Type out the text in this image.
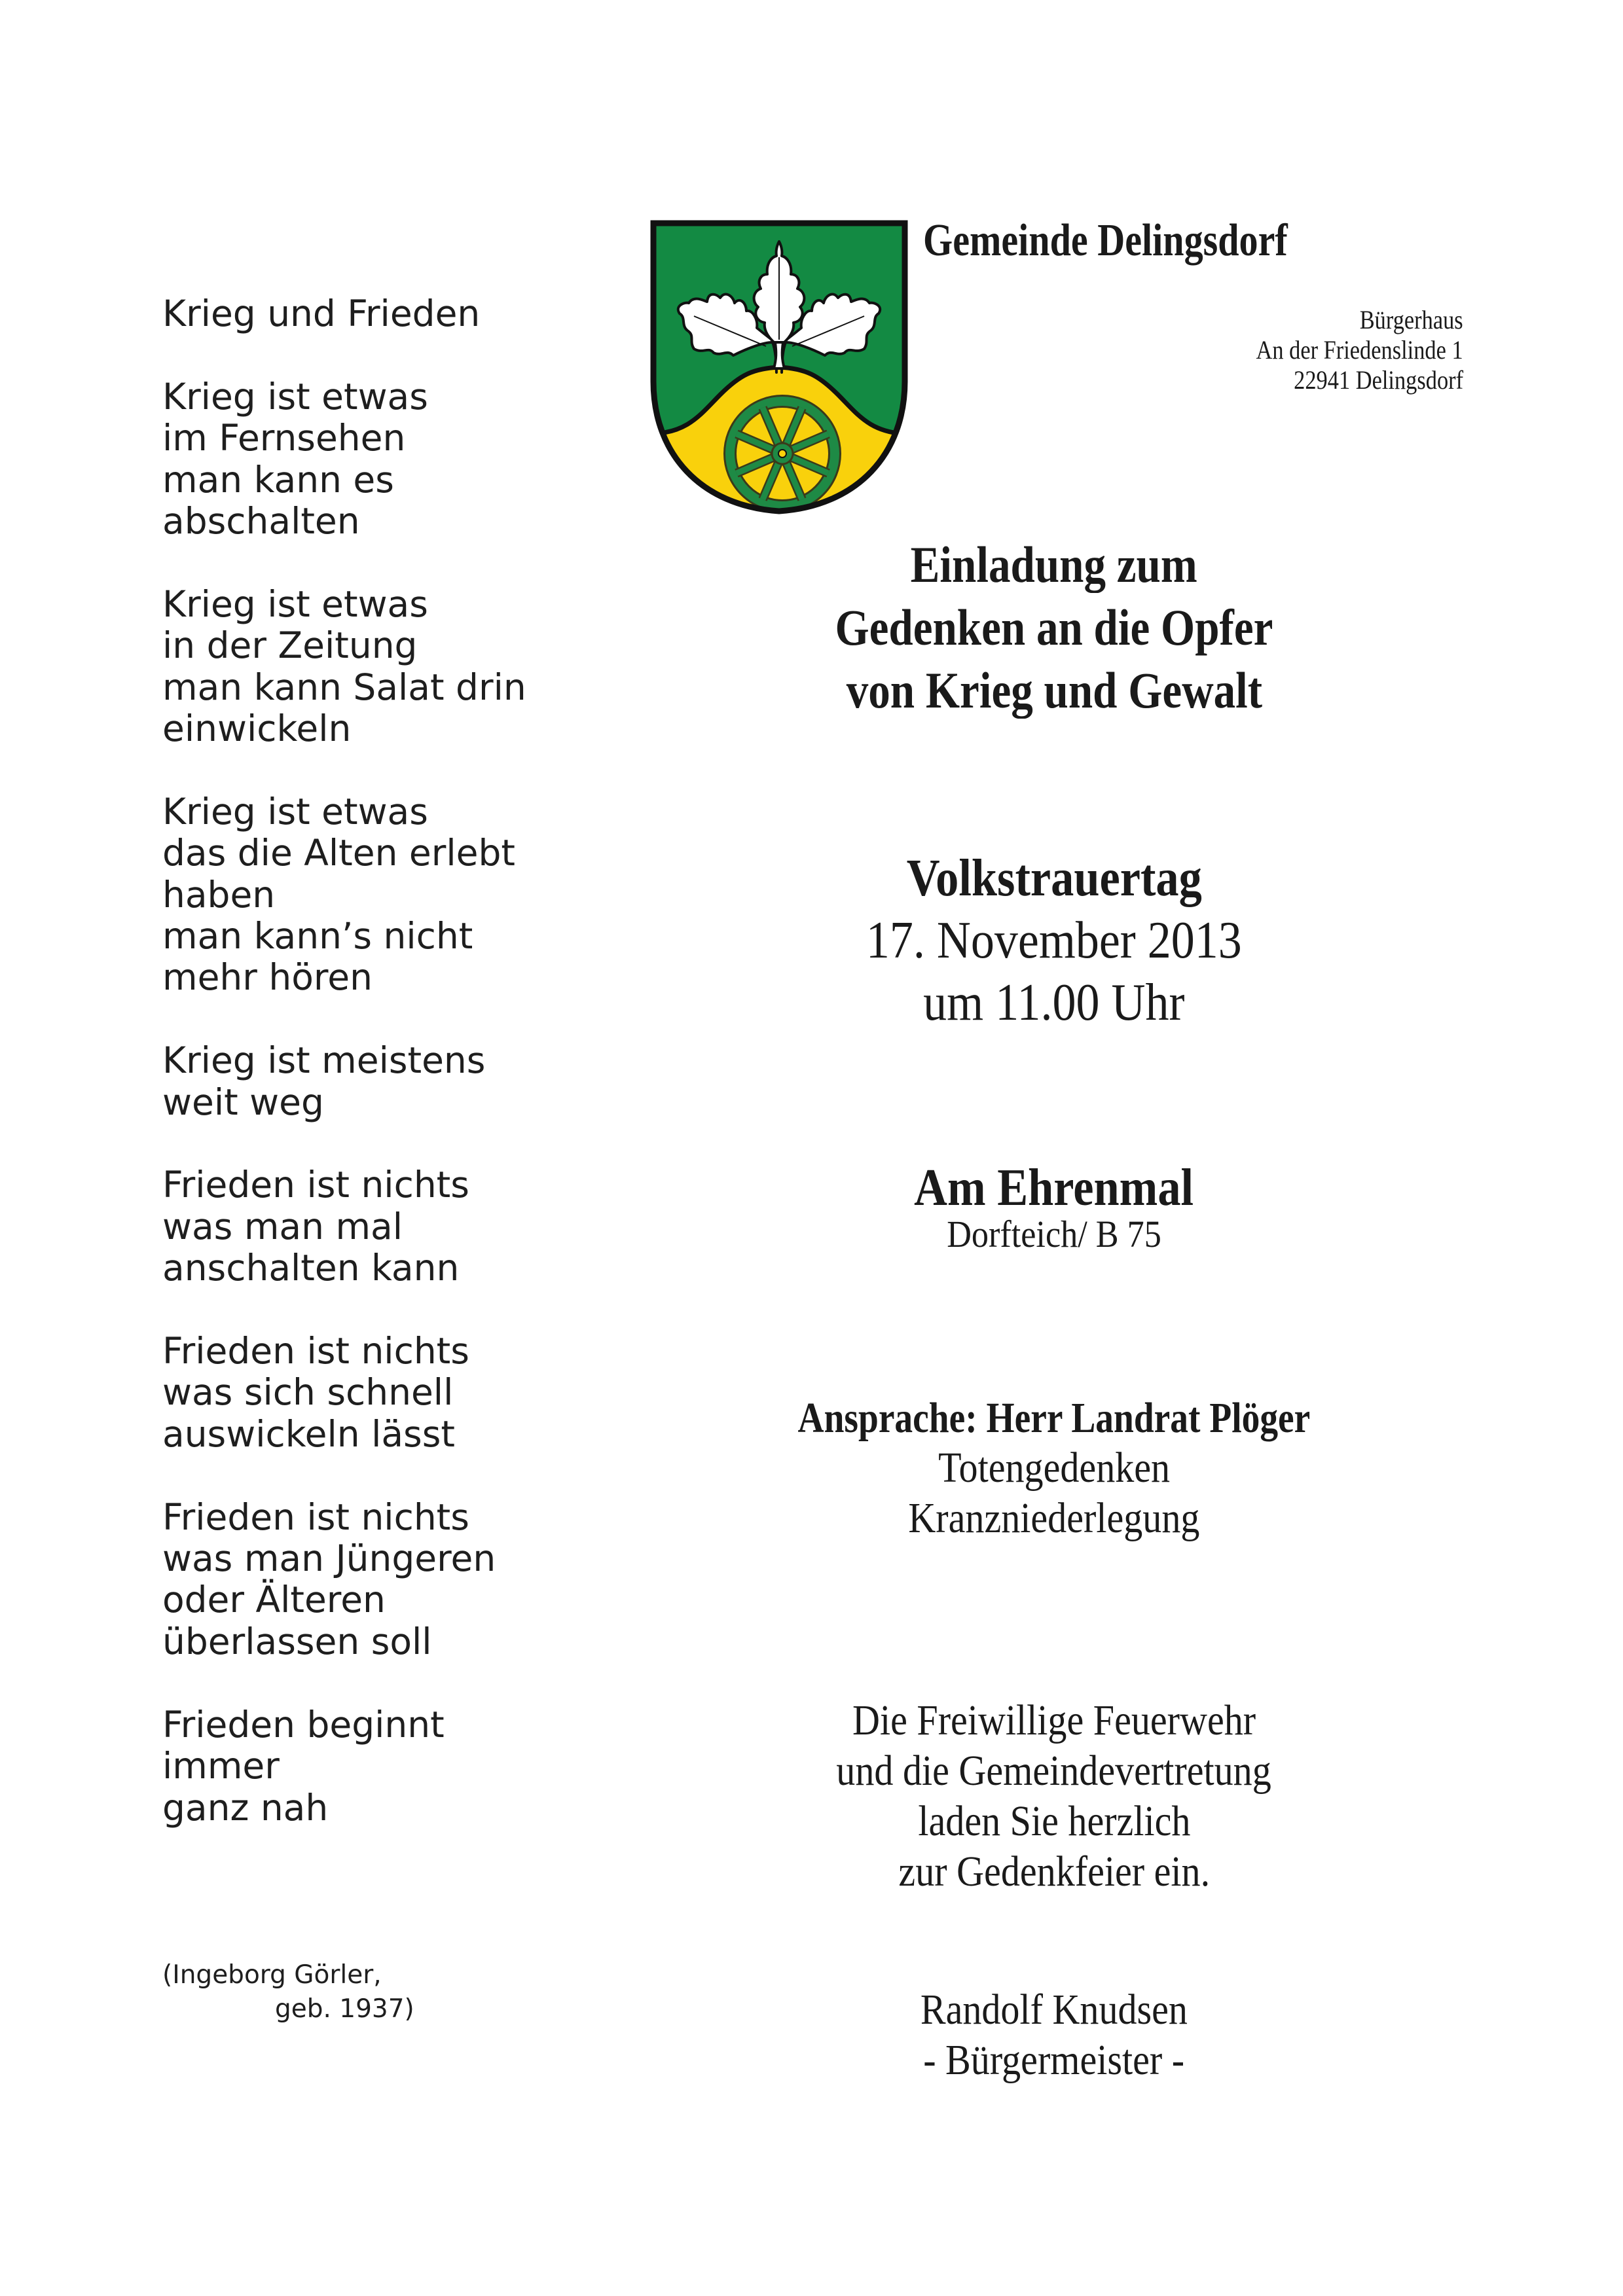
Gemeinde Delingsdorf
Bürgerhaus
An der Friedenslinde 1
22941 Delingsdorf
Krieg und Frieden
Krieg ist etwas
im Fernsehen
man kann es
abschalten
Krieg ist etwas
in der Zeitung
man kann Salat drin
einwickeln
Krieg ist etwas
das die Alten erlebt
haben
man kann’s nicht
mehr hören
Krieg ist meistens
weit weg
Frieden ist nichts
was man mal
anschalten kann
Frieden ist nichts
was sich schnell
auswickeln lässt
Frieden ist nichts
was man Jüngeren
oder Älteren
überlassen soll
Frieden beginnt
immer
ganz nah
(Ingeborg Görler,
geb. 1937)
Einladung zum
Gedenken an die Opfer
von Krieg und Gewalt
Volkstrauertag
17. November 2013
um 11.00 Uhr
Am Ehrenmal
Dorfteich/ B 75
Ansprache: Herr Landrat Plöger
Totengedenken
Kranzniederlegung
Die Freiwillige Feuerwehr
und die Gemeindevertretung
laden Sie herzlich
zur Gedenkfeier ein.
Randolf Knudsen
- Bürgermeister -
